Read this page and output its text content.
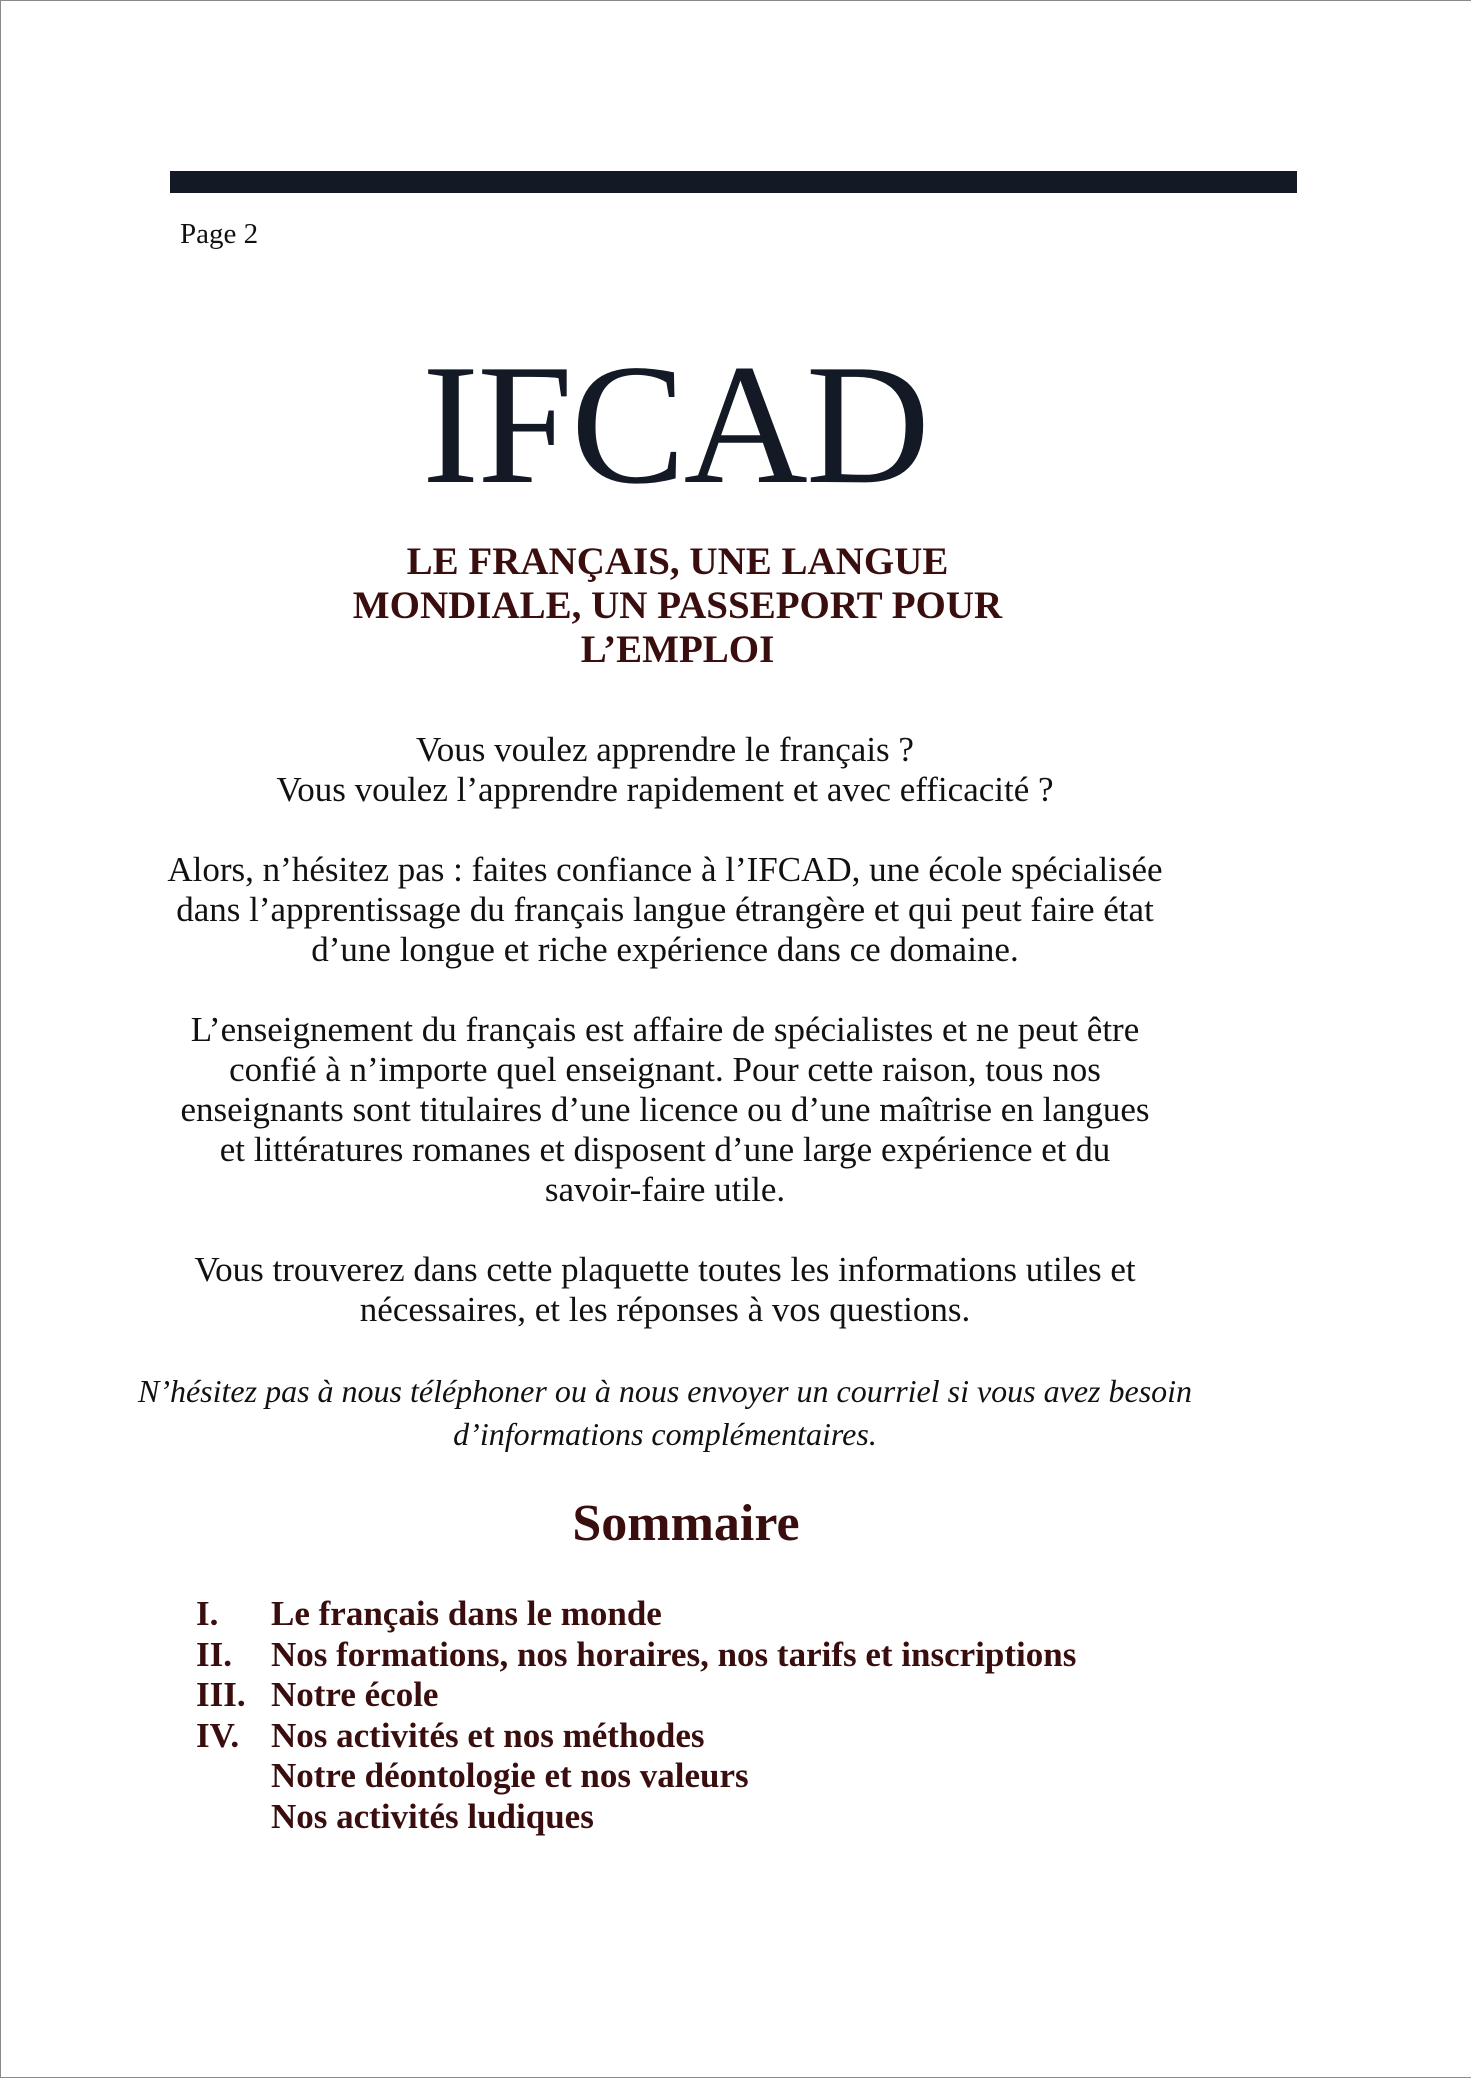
Page 2
IFCAD
LE FRANÇAIS, UNE LANGUE
MONDIALE, UN PASSEPORT POUR
L’EMPLOI

Vous voulez apprendre le français ?
Vous voulez l’apprendre rapidement et avec efficacité ?

Alors, n’hésitez pas : faites confiance à l’IFCAD, une école spécialisée
dans l’apprentissage du français langue étrangère et qui peut faire état
d’une longue et riche expérience dans ce domaine.

L’enseignement du français est affaire de spécialistes et ne peut être
confié à n’importe quel enseignant. Pour cette raison, tous nos
enseignants sont titulaires d’une licence ou d’une maîtrise en langues
et littératures romanes et disposent d’une large expérience et du
savoir-faire utile.

Vous trouverez dans cette plaquette toutes les informations utiles et
nécessaires, et les réponses à vos questions.

N’hésitez pas à nous téléphoner ou à nous envoyer un courriel si vous avez besoin
d’informations complémentaires.

Sommaire
I.	Le français dans le monde
II.	Nos formations, nos horaires, nos tarifs et inscriptions
III. Notre école
IV. Nos activités et nos méthodes
Notre déontologie et nos valeurs
Nos activités ludiques
